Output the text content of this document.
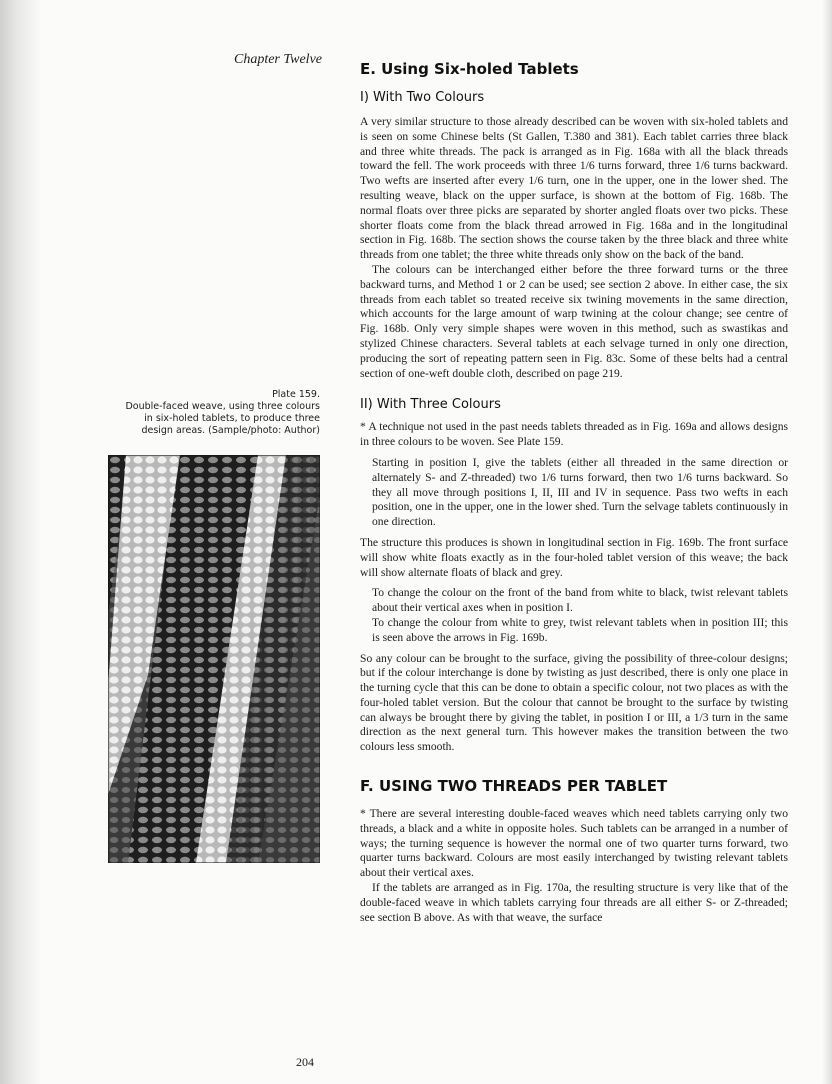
Chapter Twelve
Plate 159.
Double-faced weave, using three colours
in six-holed tablets, to produce three
design areas. (Sample/photo: Author)
E. Using Six-holed Tablets
I) With Two Colours

A very similar structure to those already described can be woven with six-holed tablets and is seen on some Chinese belts (St Gallen, T.380 and 381). Each tablet carries three black and three white threads. The pack is arranged as in Fig. 168a with all the black threads toward the fell. The work proceeds with three 1/6 turns forward, three 1/6 turns backward. Two wefts are inserted after every 1/6 turn, one in the upper, one in the lower shed. The resulting weave, black on the upper surface, is shown at the bottom of Fig. 168b. The normal floats over three picks are separated by shorter angled floats over two picks. These shorter floats come from the black thread arrowed in Fig. 168a and in the longitudinal section in Fig. 168b. The section shows the course taken by the three black and three white threads from one tablet; the three white threads only show on the back of the band.

The colours can be interchanged either before the three forward turns or the three backward turns, and Method 1 or 2 can be used; see section 2 above. In either case, the six threads from each tablet so treated receive six twining movements in the same direction, which accounts for the large amount of warp twining at the colour change; see centre of Fig. 168b. Only very simple shapes were woven in this method, such as swastikas and stylized Chinese characters. Several tablets at each selvage turned in only one direction, producing the sort of repeating pattern seen in Fig. 83c. Some of these belts had a central section of one-weft double cloth, described on page 219.

II) With Three Colours

* A technique not used in the past needs tablets threaded as in Fig. 169a and allows designs in three colours to be woven. See Plate 159.

Starting in position I, give the tablets (either all threaded in the same direction or alternately S- and Z-threaded) two 1/6 turns forward, then two 1/6 turns backward. So they all move through positions I, II, III and IV in sequence. Pass two wefts in each position, one in the upper, one in the lower shed. Turn the selvage tablets continuously in one direction.

The structure this produces is shown in longitudinal section in Fig. 169b. The front surface will show white floats exactly as in the four-holed tablet version of this weave; the back will show alternate floats of black and grey.

To change the colour on the front of the band from white to black, twist relevant tablets about their vertical axes when in position I.

To change the colour from white to grey, twist relevant tablets when in position III; this is seen above the arrows in Fig. 169b.

So any colour can be brought to the surface, giving the possibility of three-colour designs; but if the colour interchange is done by twisting as just described, there is only one place in the turning cycle that this can be done to obtain a specific colour, not two places as with the four-holed tablet version. But the colour that cannot be brought to the surface by twisting can always be brought there by giving the tablet, in position I or III, a 1/3 turn in the same direction as the next general turn. This however makes the transition between the two colours less smooth.

F. USING TWO THREADS PER TABLET

* There are several interesting double-faced weaves which need tablets carrying only two threads, a black and a white in opposite holes. Such tablets can be arranged in a number of ways; the turning sequence is however the normal one of two quarter turns forward, two quarter turns backward. Colours are most easily interchanged by twisting relevant tablets about their vertical axes.

If the tablets are arranged as in Fig. 170a, the resulting structure is very like that of the double-faced weave in which tablets carrying four threads are all either S- or Z-threaded; see section B above. As with that weave, the surface

204
